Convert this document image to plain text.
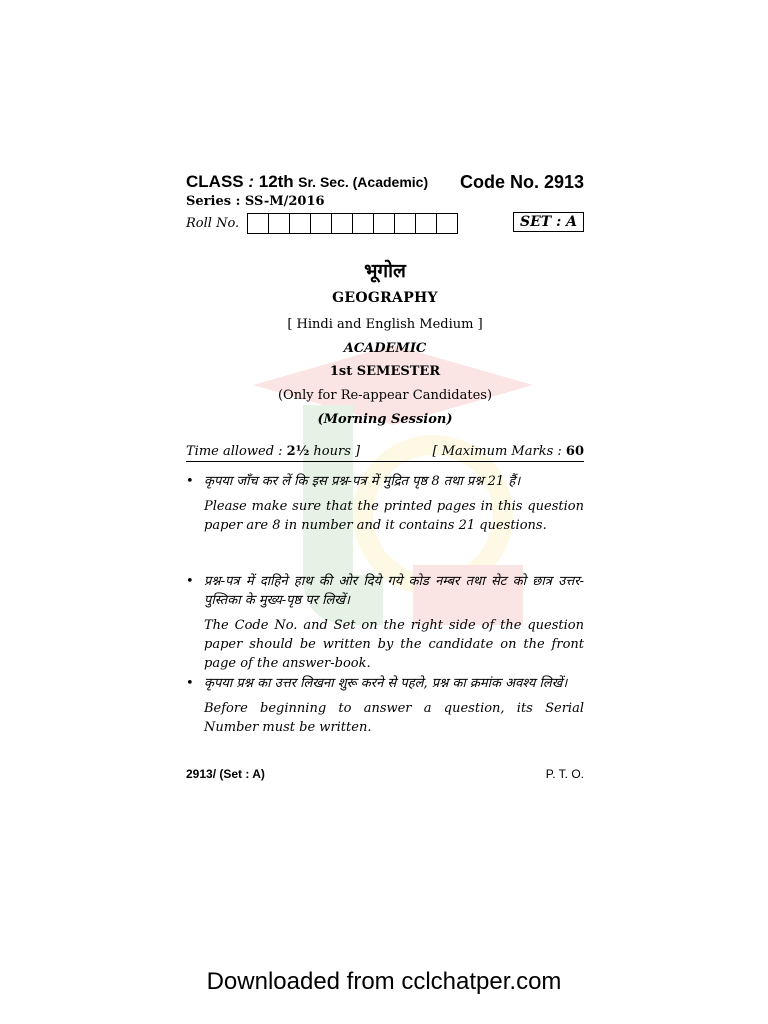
CLASS : 12th Sr. Sec. (Academic) Code No. 2913
Series : SS-M/2016
Roll No.	SET : A
भूगोल
GEOGRAPHY
[ Hindi and English Medium ]
ACADEMIC
1st SEMESTER
(Only for Re-appear Candidates)
(Morning Session)
Time allowed : 2½ hours ]	[ Maximum Marks : 60
• कृपया जाँच कर लें कि इस प्रश्न-पत्र में मुद्रित पृष्ठ 8 तथा प्रश्न 21 हैं।
Please make sure that the printed pages in this question paper are 8 in number and it contains 21 questions.
• प्रश्न-पत्र में दाहिने हाथ की ओर दिये गये कोड नम्बर तथा सेट को छात्र उत्तर-पुस्तिका के मुख्य-पृष्ठ पर लिखें।
The Code No. and Set on the right side of the question paper should be written by the candidate on the front page of the answer-book.
• कृपया प्रश्न का उत्तर लिखना शुरू करने से पहले, प्रश्न का क्रमांक अवश्य लिखें।
Before beginning to answer a question, its Serial Number must be written.
2913/ (Set : A)	P. T. O.
Downloaded from cclchatper.com
